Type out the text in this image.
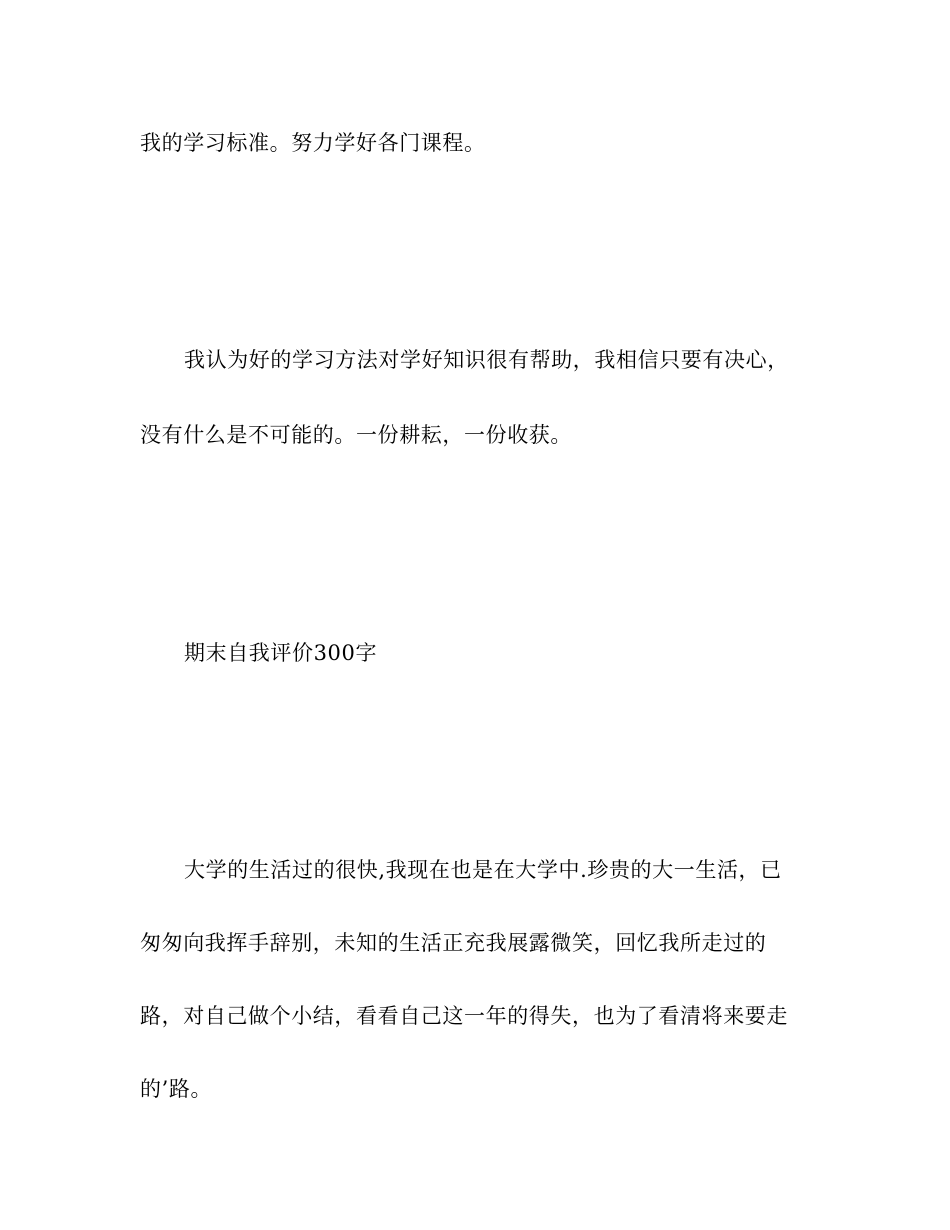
我的学习标准。努力学好各门课程。
我认为好的学习方法对学好知识很有帮助，我相信只要有决心，
没有什么是不可能的。一份耕耘，一份收获。
期末自我评价300字
大学的生活过的很快,我现在也是在大学中.珍贵的大一生活，已
匆匆向我挥手辞别，未知的生活正充我展露微笑，回忆我所走过的
路，对自己做个小结，看看自己这一年的得失，也为了看清将来要走
的’路。
